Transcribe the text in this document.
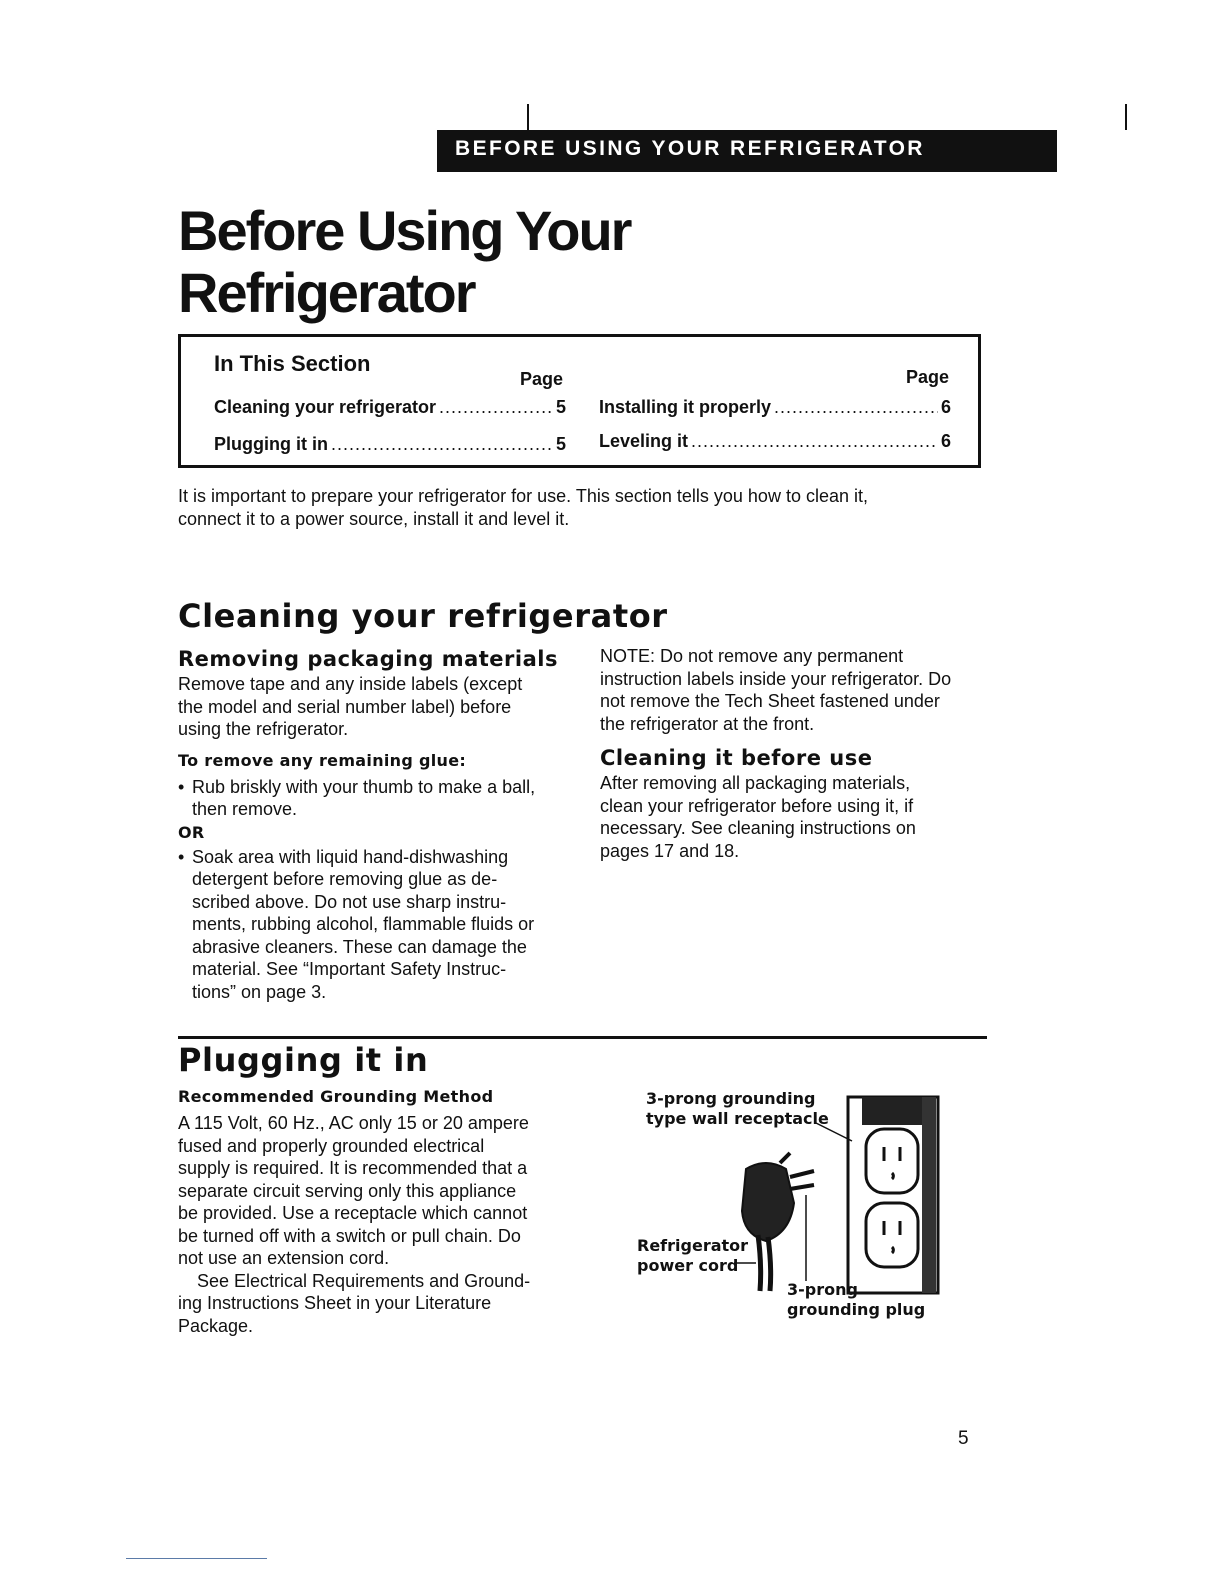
BEFORE USING YOUR REFRIGERATOR
Before Using Your
Refrigerator
In This Section
Page	Page
Cleaning your refrigerator .....	5
Plugging it in .....	5
Installing it properly .....	6
Leveling it .....	6
It is important to prepare your refrigerator for use. This section tells you how to clean it,
connect it to a power source, install it and level it.
Cleaning your refrigerator
Removing packaging materials
Remove tape and any inside labels (except
the model and serial number label) before
using the refrigerator.
To remove any remaining glue:
• Rub briskly with your thumb to make a ball,
then remove.
OR
• Soak area with liquid hand-dishwashing
detergent before removing glue as de-
scribed above. Do not use sharp instru-
ments, rubbing alcohol, flammable fluids or
abrasive cleaners. These can damage the
material. See “Important Safety Instruc-
tions” on page 3.
NOTE: Do not remove any permanent
instruction labels inside your refrigerator. Do
not remove the Tech Sheet fastened under
the refrigerator at the front.
Cleaning it before use
After removing all packaging materials,
clean your refrigerator before using it, if
necessary. See cleaning instructions on
pages 17 and 18.
Plugging it in
Recommended Grounding Method
A 115 Volt, 60 Hz., AC only 15 or 20 ampere
fused and properly grounded electrical
supply is required. It is recommended that a
separate circuit serving only this appliance
be provided. Use a receptacle which cannot
be turned off with a switch or pull chain. Do
not use an extension cord.
See Electrical Requirements and Ground-
ing Instructions Sheet in your Literature
Package.
3-prong grounding
type wall receptacle
Refrigerator
power cord
3-prong
grounding plug
5
